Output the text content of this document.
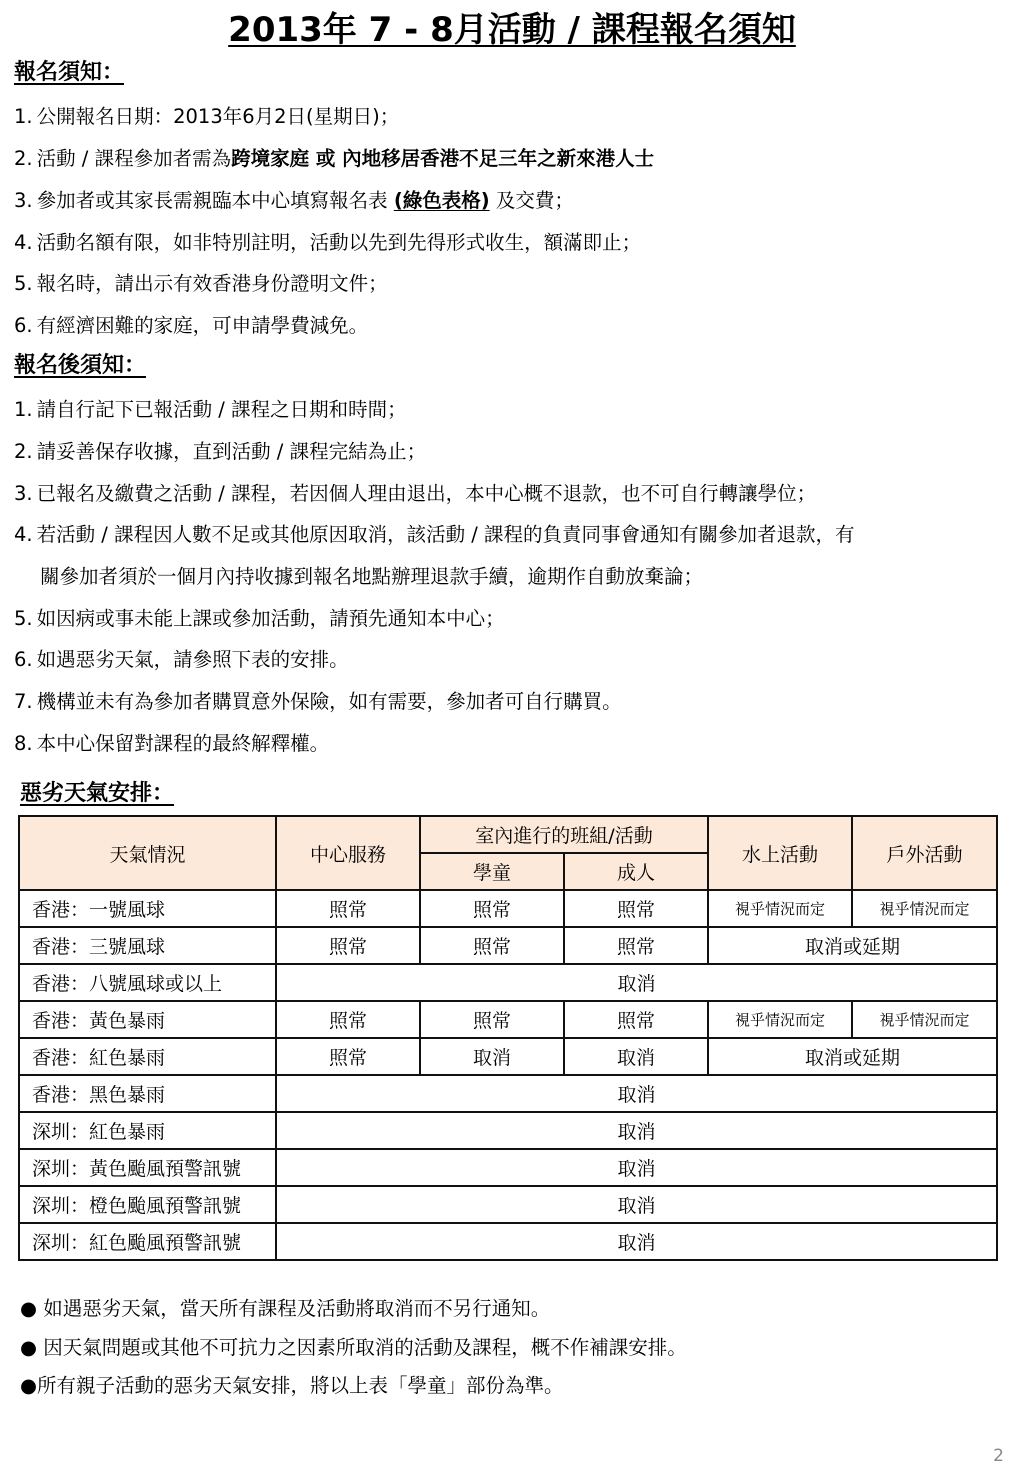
2013年 7 - 8月活動 / 課程報名須知
報名須知：
1. 公開報名日期：2013年6月2日(星期日)；
2. 活動 / 課程參加者需為跨境家庭 或 內地移居香港不足三年之新來港人士
3. 參加者或其家長需親臨本中心填寫報名表 (綠色表格) 及交費；
4. 活動名額有限，如非特別註明，活動以先到先得形式收生，額滿即止；
5. 報名時，請出示有效香港身份證明文件；
6. 有經濟困難的家庭，可申請學費減免。
報名後須知：
1. 請自行記下已報活動 / 課程之日期和時間；
2. 請妥善保存收據，直到活動 / 課程完結為止；
3. 已報名及繳費之活動 / 課程，若因個人理由退出，本中心概不退款，也不可自行轉讓學位；
4. 若活動 / 課程因人數不足或其他原因取消，該活動 / 課程的負責同事會通知有關參加者退款，有
關參加者須於一個月內持收據到報名地點辦理退款手續，逾期作自動放棄論；
5. 如因病或事未能上課或參加活動，請預先通知本中心；
6. 如遇惡劣天氣，請參照下表的安排。
7. 機構並未有為參加者購買意外保險，如有需要，參加者可自行購買。
8. 本中心保留對課程的最終解釋權。
惡劣天氣安排：
天氣情況	中心服務	室內進行的班組/活動		水上活動	戶外活動
		學童	成人		
香港：一號風球	照常	照常	照常	視乎情況而定	視乎情況而定
香港：三號風球	照常	照常	照常	取消或延期	
香港：八號風球或以上	取消				
香港：黃色暴雨	照常	照常	照常	視乎情況而定	視乎情況而定
香港：紅色暴雨	照常	取消	取消	取消或延期	
香港：黑色暴雨	取消				
深圳：紅色暴雨	取消				
深圳：黃色颱風預警訊號	取消				
深圳：橙色颱風預警訊號	取消				
深圳：紅色颱風預警訊號	取消				
● 如遇惡劣天氣，當天所有課程及活動將取消而不另行通知。
● 因天氣問題或其他不可抗力之因素所取消的活動及課程，概不作補課安排。
●所有親子活動的惡劣天氣安排，將以上表「學童」部份為準。
2
